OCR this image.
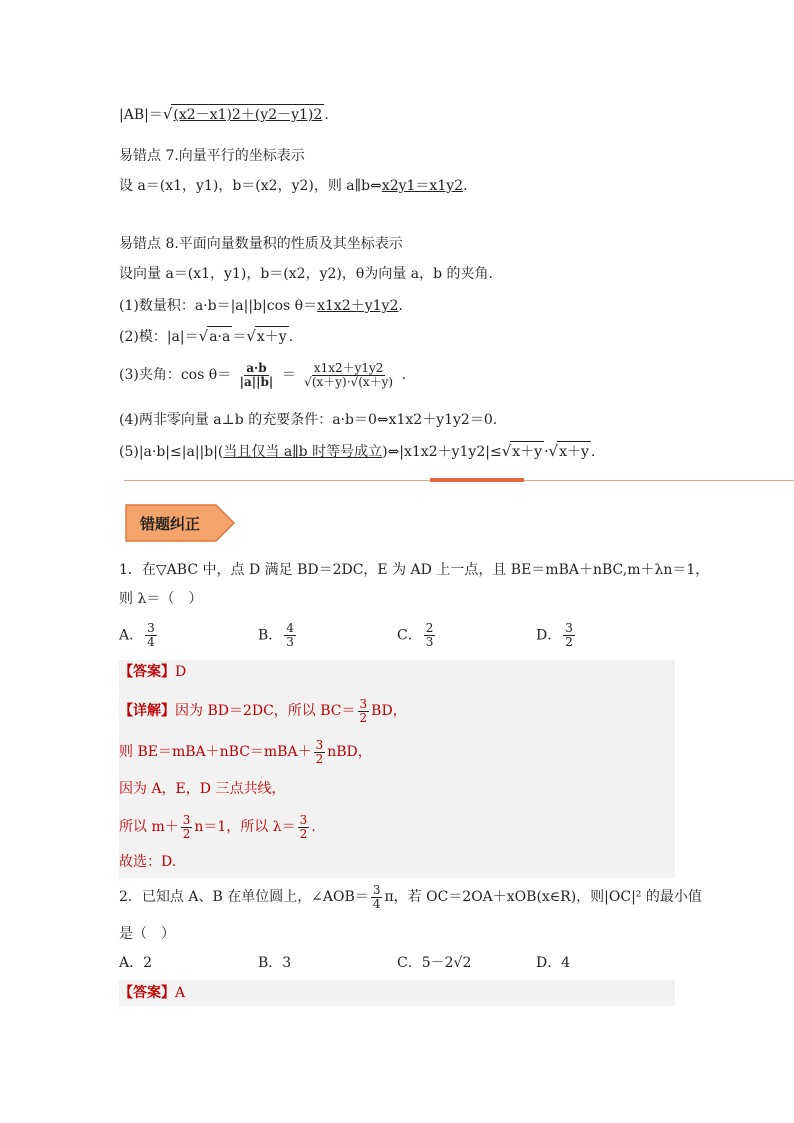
|AB|＝√(x2－x1)2＋(y2－y1)2 .
易错点 7.向量平行的坐标表示
设 a＝(x1，y1)，b＝(x2，y2)，则 a∥b⇔x2y1＝x1y2.
易错点 8.平面向量数量积的性质及其坐标表示
设向量 a＝(x1，y1)，b＝(x2，y2)，θ为向量 a，b 的夹角.
(1)数量积：a·b＝|a||b|cos θ＝x1x2＋y1y2.
(2)模：|a|＝√a·a ＝√x＋y .
(3)夹角：$\cos \theta= \frac{a\cdot b}{|a||b|} = \frac{x1x2+y1y2}{√(x+y)\cdot√(x+y)}$ .
(4)两非零向量 a⊥b 的充要条件：a·b＝0⇔x1x2＋y1y2＝0.
(5)|a·b|≤|a||b|(当且仅当 a∥b 时等号成立)⇔|x1x2＋y1y2|≤√x＋y ·√x＋y .
错题纠正
1．在▽ABC 中，点 D 满足 BD＝2DC，E 为 AD 上一点，且 BE＝mBA＋nBC,m＋λn＝1，
则 λ＝（　）
A． $\frac{3}{4}$	B． $\frac{4}{3}$	C． $\frac{2}{3}$	D． $\frac{3}{2}$
【答案】D
【详解】因为 BD＝2DC，所以 $BC= \frac{3}{2}$ BD，
则 $BE=mBA+nBC=mBA+ \frac{3}{2}$ nBD，
因为 A，E，D 三点共线，
所以 $m+ \frac{3}{2} n=1$，所以 $\lambda= \frac{3}{2}$ .
故选：D.
2．已知点 A、B 在单位圆上，∠AOB＝ $\frac{3}{4}$ π，若 OC＝2OA＋xOB(x∈R)，则|OC|² 的最小值
是（　）
A．2	B．3	C．5－2√2	D．4
【答案】A
